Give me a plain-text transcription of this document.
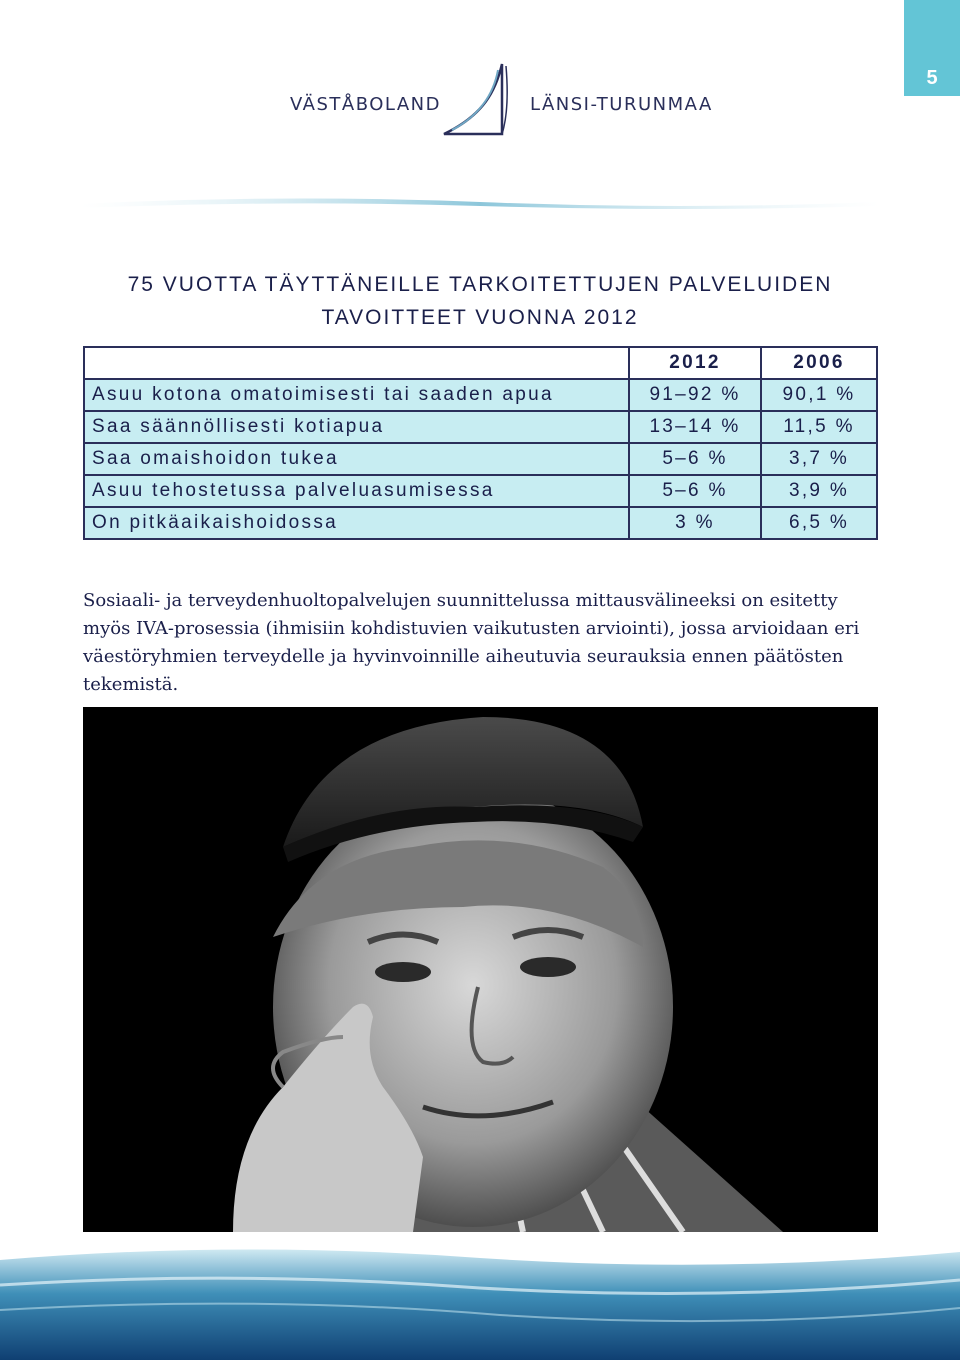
5
VÄSTÅBOLAND	LÄNSI-TURUNMAA
75 VUOTTA TÄYTTÄNEILLE TARKOITETTUJEN PALVELUIDEN
TAVOITTEET VUONNA 2012
	2012	2006
Asuu kotona omatoimisesti tai saaden apua	91–92 %	90,1 %
Saa säännöllisesti kotiapua	13–14 %	11,5 %
Saa omaishoidon tukea	5–6 %	3,7 %
Asuu tehostetussa palveluasumisessa	5–6 %	3,9 %
On pitkäaikaishoidossa	3 %	6,5 %

Sosiaali- ja terveydenhuoltopalvelujen suunnittelussa mittausvälineeksi on esitetty myös IVA-prosessia (ihmisiin kohdistuvien vaikutusten arviointi), jossa arvioidaan eri väestöryhmien terveydelle ja hyvinvoinnille aiheutuvia seurauksia ennen päätösten tekemistä.
